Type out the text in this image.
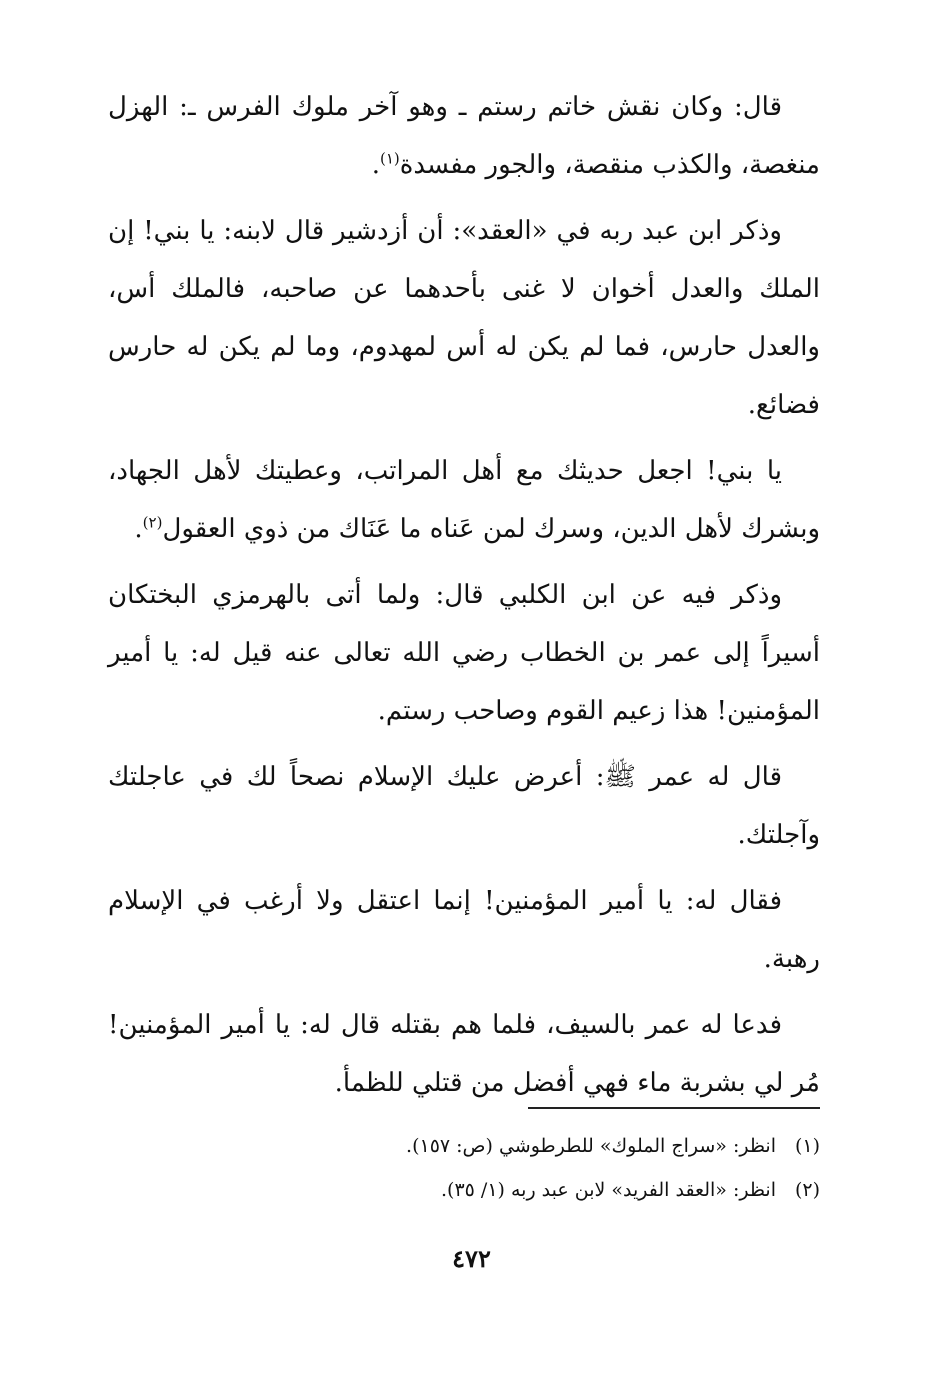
قال: وكان نقش خاتم رستم ـ وهو آخر ملوك الفرس ـ: الهزل منغصة، والكذب منقصة، والجور مفسدة$^{(١)}$.

وذكر ابن عبد ربه في «العقد»: أن أزدشير قال لابنه: يا بني! إن الملك والعدل أخوان لا غنى بأحدهما عن صاحبه، فالملك أس، والعدل حارس، فما لم يكن له أس لمهدوم، وما لم يكن له حارس فضائع.

يا بني! اجعل حديثك مع أهل المراتب، وعطيتك لأهل الجهاد، وبشرك لأهل الدين، وسرك لمن عَناه ما عَنَاك من ذوي العقول$^{(٢)}$.

وذكر فيه عن ابن الكلبي قال: ولما أتى بالهرمزي البختكان أسيراً إلى عمر بن الخطاب رضي الله تعالى عنه قيل له: يا أمير المؤمنين! هذا زعيم القوم وصاحب رستم.

قال له عمر ﷺ: أعرض عليك الإسلام نصحاً لك في عاجلتك وآجلتك.

فقال له: يا أمير المؤمنين! إنما اعتقل ولا أرغب في الإسلام رهبة.

فدعا له عمر بالسيف، فلما هم بقتله قال له: يا أمير المؤمنين! مُر لي بشربة ماء فهي أفضل من قتلي للظمأ.

(١)انظر: «سراج الملوك» للطرطوشي (ص: ١٥٧).

(٢)انظر: «العقد الفريد» لابن عبد ربه (١/ ٣٥).

٤٧٢
